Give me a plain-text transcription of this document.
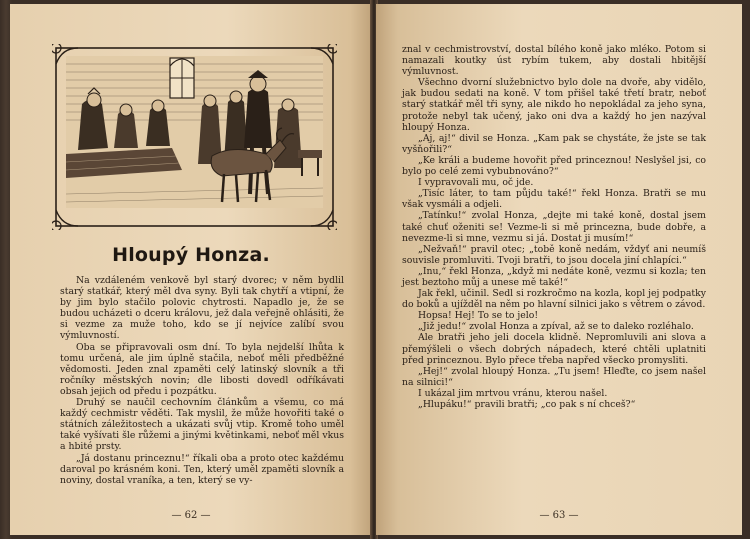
Hloupý Honza.

Na vzdáleném venkově byl starý dvorec; v něm bydlil starý statkář, který měl dva syny. Byli tak chytří a vtipní, že by jim bylo stačilo polovic chytrosti. Napadlo je, že se budou ucházeti o dceru královu, jež dala veřejně ohlásiti, že si vezme za muže toho, kdo se jí nejvíce zalíbí svou výmluvností.

Oba se připravovali osm dní. To byla nejdelší lhůta k tomu určená, ale jim úplně stačila, neboť měli předběžné vědomosti. Jeden znal zpaměti celý latinský slovník a tři ročníky městských novin; dle libosti dovedl odříkávati obsah jejich od předu i pozpátku.

Druhý se naučil cechovním článkům a všemu, co má každý cechmistr věděti. Tak myslil, že může hovořiti také o státních záležitostech a ukázati svůj vtip. Kromě toho uměl také vyšívati šle růžemi a jinými květinkami, neboť měl vkus a hbité prsty.

„Já dostanu princeznu!“ říkali oba a proto otec každému daroval po krásném koni. Ten, který uměl zpaměti slovník a noviny, dostal vraníka, a ten, který se vy-

— 62 —

znal v cechmistrovství, dostal bílého koně jako mléko. Potom si namazali koutky úst rybím tukem, aby dostali hbitější výmluvnost.

Všechno dvorní služebnictvo bylo dole na dvoře, aby vidělo, jak budou sedati na koně. V tom přišel také třetí bratr, neboť starý statkář měl tři syny, ale nikdo ho nepokládal za jeho syna, protože nebyl tak učený, jako oni dva a každý ho jen nazýval hloupý Honza.

„Aj, aj!“ divil se Honza. „Kam pak se chystáte, že jste se tak vyšňořili?“

„Ke králi a budeme hovořit před princeznou! Neslyšel jsi, co bylo po celé zemi vybubnováno?“

I vypravovali mu, oč jde.

„Tisíc láter, to tam půjdu také!“ řekl Honza. Bratři se mu však vysmáli a odjeli.

„Tatínku!“ zvolal Honza, „dejte mi také koně, dostal jsem také chuť oženiti se! Vezme-li si mě princezna, bude dobře, a nevezme-li si mne, vezmu si já. Dostat ji musím!“

„Nežvaň!“ pravil otec; „tobě koně nedám, vždyť ani neumíš souvisle promluviti. Tvoji bratři, to jsou docela jiní chlapíci.“

„Inu,“ řekl Honza, „když mi nedáte koně, vezmu si kozla; ten jest beztoho můj a unese mě také!“

Jak řekl, učinil. Sedl si rozkročmo na kozla, kopl jej podpatky do boků a ujížděl na něm po hlavní silnici jako s větrem o závod.

Hopsa! Hej! To se to jelo!

„Již jedu!“ zvolal Honza a zpíval, až se to daleko rozléhalo.

Ale bratři jeho jeli docela klidně. Nepromluvili ani slova a přemýšleli o všech dobrých nápadech, které chtěli uplatniti před princeznou. Bylo přece třeba napřed všecko promysliti.

„Hej!“ zvolal hloupý Honza. „Tu jsem! Hleďte, co jsem našel na silnici!“

I ukázal jim mrtvou vránu, kterou našel.

„Hlupáku!“ pravili bratři; „co pak s ní chceš?“

— 63 —
